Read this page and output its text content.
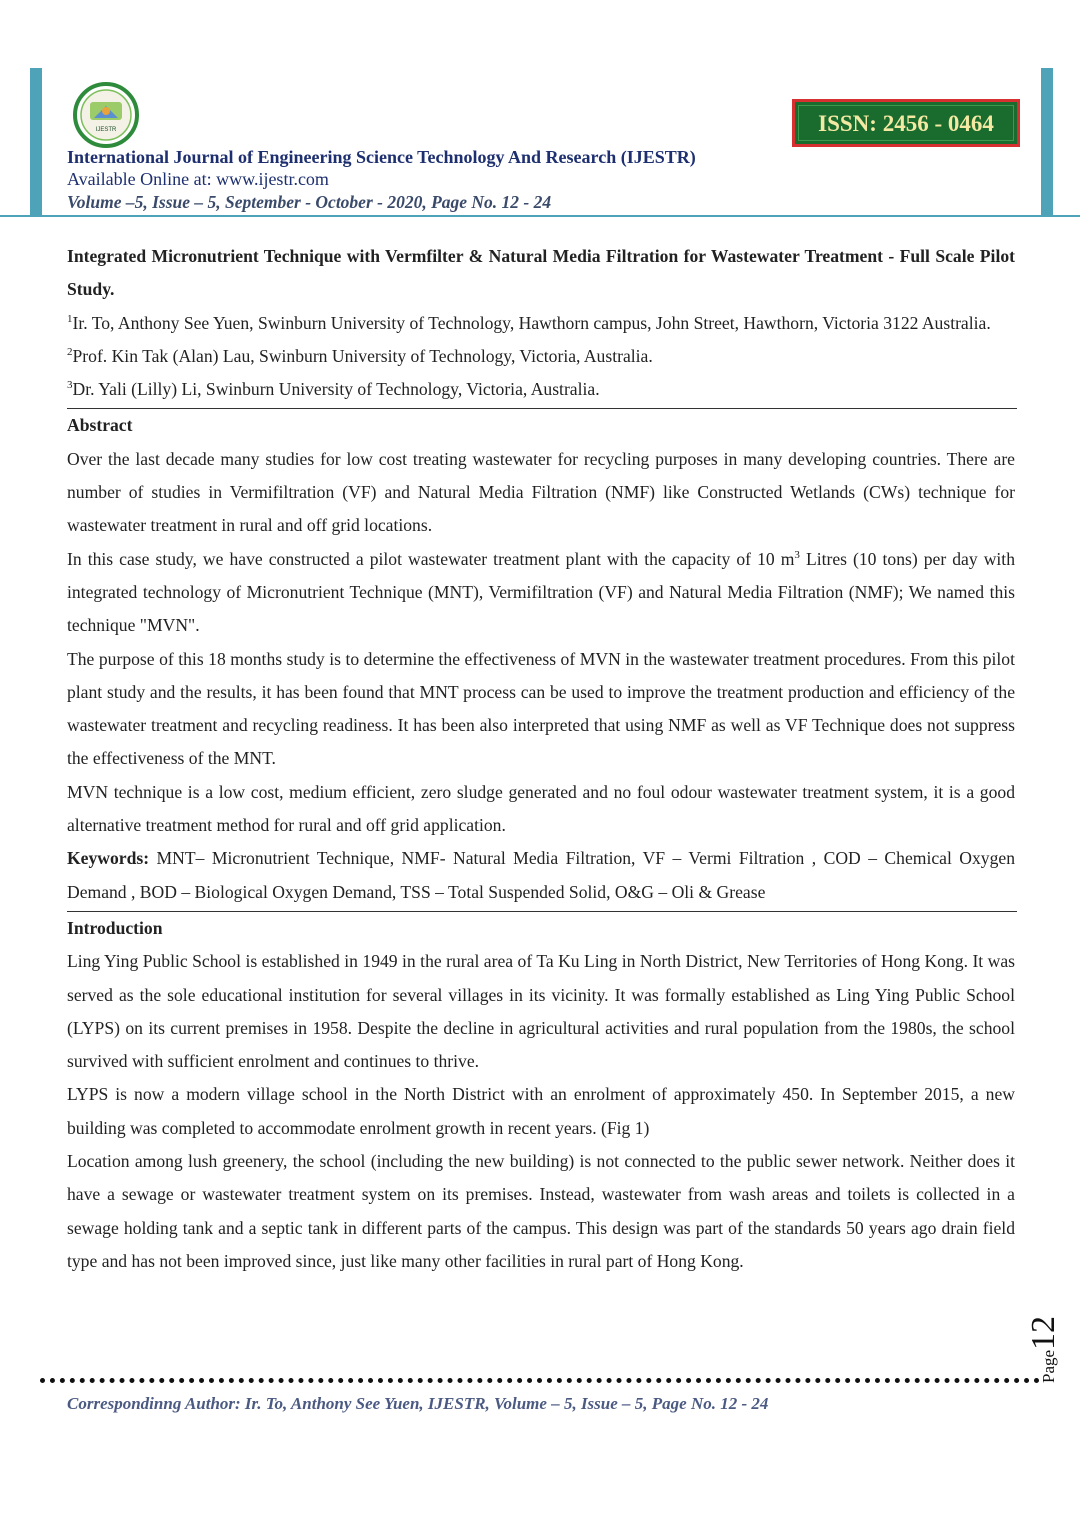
IJESTR
International Journal of Engineering Science Technology And Research (IJESTR)
Available Online at: www.ijestr.com
Volume –5, Issue – 5, September - October - 2020, Page No. 12 - 24
ISSN: 2456 - 0464

Integrated Micronutrient Technique with Vermfilter & Natural Media Filtration for Wastewater Treatment - Full Scale Pilot Study.

$^1$Ir. To, Anthony See Yuen, Swinburn University of Technology, Hawthorn campus, John Street, Hawthorn, Victoria 3122 Australia.

$^2$Prof. Kin Tak (Alan) Lau, Swinburn University of Technology, Victoria, Australia.

$^3$Dr. Yali (Lilly) Li, Swinburn University of Technology, Victoria, Australia.

Abstract

Over the last decade many studies for low cost treating wastewater for recycling purposes in many developing countries. There are number of studies in Vermifiltration (VF) and Natural Media Filtration (NMF) like Constructed Wetlands (CWs) technique for wastewater treatment in rural and off grid locations.

In this case study, we have constructed a pilot wastewater treatment plant with the capacity of 10 $m^3$ Litres (10 tons) per day with integrated technology of Micronutrient Technique (MNT), Vermifiltration (VF) and Natural Media Filtration (NMF); We named this technique "MVN".

The purpose of this 18 months study is to determine the effectiveness of MVN in the wastewater treatment procedures. From this pilot plant study and the results, it has been found that MNT process can be used to improve the treatment production and efficiency of the wastewater treatment and recycling readiness. It has been also interpreted that using NMF as well as VF Technique does not suppress the effectiveness of the MNT.

MVN technique is a low cost, medium efficient, zero sludge generated and no foul odour wastewater treatment system, it is a good alternative treatment method for rural and off grid application.

Keywords: MNT– Micronutrient Technique, NMF- Natural Media Filtration, VF – Vermi Filtration , COD – Chemical Oxygen Demand , BOD – Biological Oxygen Demand, TSS – Total Suspended Solid, O&G – Oli & Grease

Introduction

Ling Ying Public School is established in 1949 in the rural area of Ta Ku Ling in North District, New Territories of Hong Kong. It was served as the sole educational institution for several villages in its vicinity. It was formally established as Ling Ying Public School (LYPS) on its current premises in 1958. Despite the decline in agricultural activities and rural population from the 1980s, the school survived with sufficient enrolment and continues to thrive.

LYPS is now a modern village school in the North District with an enrolment of approximately 450. In September 2015, a new building was completed to accommodate enrolment growth in recent years. (Fig 1)

Location among lush greenery, the school (including the new building) is not connected to the public sewer network. Neither does it have a sewage or wastewater treatment system on its premises. Instead, wastewater from wash areas and toilets is collected in a sewage holding tank and a septic tank in different parts of the campus. This design was part of the standards 50 years ago drain field type and has not been improved since, just like many other facilities in rural part of Hong Kong.

Page12
Correspondinng Author: Ir. To, Anthony See Yuen, IJESTR, Volume – 5, Issue – 5, Page No. 12 - 24
